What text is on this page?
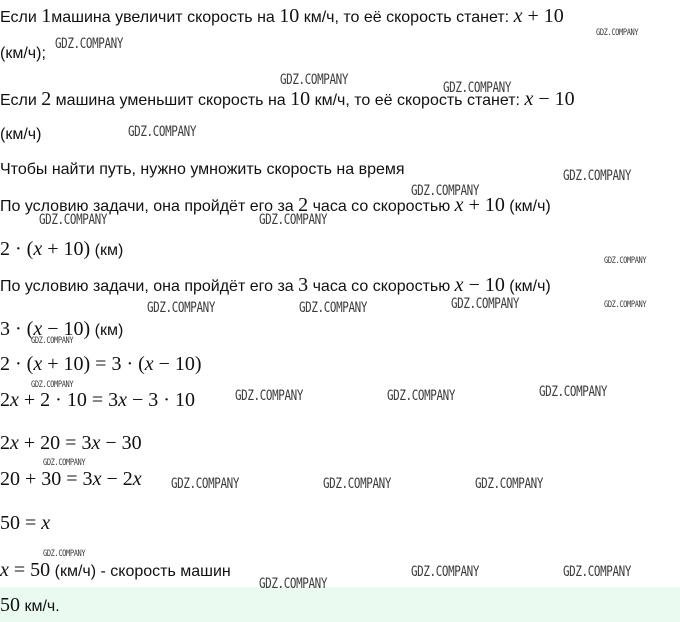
Если 1машина увеличит скорость на 10 км/ч, то её скорость станет: x + 10
(км/ч);
Если 2 машина уменьшит скорость на 10 км/ч, то её скорость станет: x − 10
(км/ч)
Чтобы найти путь, нужно умножить скорость на время
По условию задачи, она пройдёт его за 2 часа со скоростью x + 10 (км/ч)
2 · (x + 10) (км)
По условию задачи, она пройдёт его за 3 часа со скоростью x − 10 (км/ч)
3 · (x − 10) (км)
2 · (x + 10) = 3 · (x − 10)
2x + 2 · 10 = 3x − 3 · 10
2x + 20 = 3x − 30
20 + 30 = 3x − 2x
50 = x
x = 50 (км/ч) - скорость машин
50 км/ч.
GDZ.COMPANY
GDZ.COMPANY
GDZ.COMPANY	GDZ.COMPANY
GDZ.COMPANY
GDZ.COMPANY
GDZ.COMPANY
GDZ.COMPANY	GDZ.COMPANY
GDZ.COMPANY
GDZ.COMPANY	GDZ.COMPANY	GDZ.COMPANY	GDZ.COMPANY
GDZ.COMPANY
GDZ.COMPANY
GDZ.COMPANY	GDZ.COMPANY	GDZ.COMPANY
GDZ.COMPANY
GDZ.COMPANY	GDZ.COMPANY	GDZ.COMPANY
GDZ.COMPANY
GDZ.COMPANY	GDZ.COMPANY
GDZ.COMPANY
